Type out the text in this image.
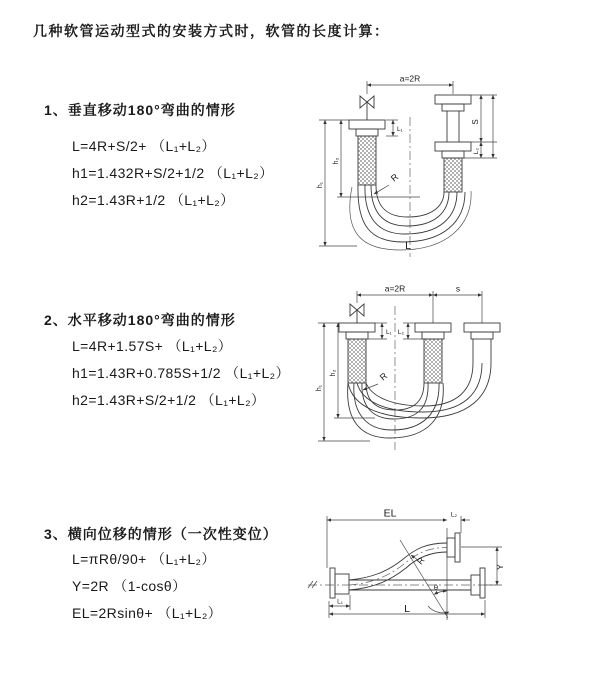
几种软管运动型式的安装方式时，软管的长度计算：
1、垂直移动180°弯曲的情形
L=4R+S/2+ （L₁+L₂）
h1=1.432R+S/2+1/2 （L₁+L₂）
h2=1.43R+1/2 （L₁+L₂）
2、水平移动180°弯曲的情形
L=4R+1.57S+ （L₁+L₂）
h1=1.43R+0.785S+1/2 （L₁+L₂）
h2=1.43R+S/2+1/2 （L₁+L₂）
3、横向位移的情形（一次性变位）
L=πRθ/90+ （L₁+L₂）
Y=2R （1-cosθ）
EL=2Rsinθ+ （L₁+L₂）
a=2R
R
L
L₁
S
L₂
h₂
h₁
a=2R	s
R
h₂
h₁
L₁ L₂
EL	L₂
Y
R
θ
L₁
L
